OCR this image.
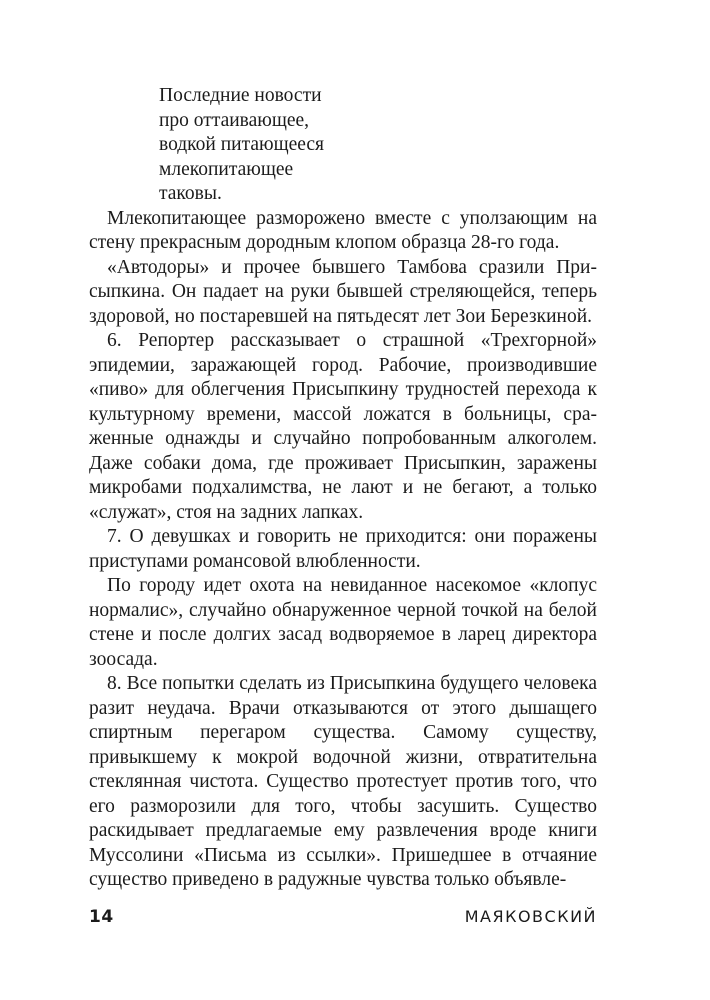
Последние новости
про оттаивающее,
водкой питающееся
млекопитающее
таковы.

Млекопитающее разморожено вместе с уползающим на стену прекрасным дородным клопом образца 28-го года.

«Автодоры» и прочее бывшего Тамбова сразили Присыпкина. Он падает на руки бывшей стреляющейся, теперь здоровой, но постаревшей на пятьдесят лет Зои Березкиной.

6. Репортер рассказывает о страшной «Трехгорной» эпидемии, заражающей город. Рабочие, производившие «пиво» для облегчения Присыпкину трудностей перехода к культурному времени, массой ложатся в больницы, сраженные однажды и случайно попробованным алкоголем. Даже собаки дома, где проживает Присыпкин, заражены микробами подхалимства, не лают и не бегают, а только «служат», стоя на задних лапках.

7. О девушках и говорить не приходится: они поражены приступами романсовой влюбленности.

По городу идет охота на невиданное насекомое «клопус нормалис», случайно обнаруженное черной точкой на белой стене и после долгих засад водворяемое в ларец директора зоосада.

8. Все попытки сделать из Присыпкина будущего человека разит неудача. Врачи отказываются от этого дышащего спиртным перегаром существа. Самому существу, привыкшему к мокрой водочной жизни, отвратительна стеклянная чистота. Существо протестует против того, что его разморозили для того, чтобы засушить. Существо раскидывает предлагаемые ему развлечения вроде книги Муссолини «Письма из ссылки». Пришедшее в отчаяние существо приведено в радужные чувства только объявле-

14	МАЯКОВСКИЙ
